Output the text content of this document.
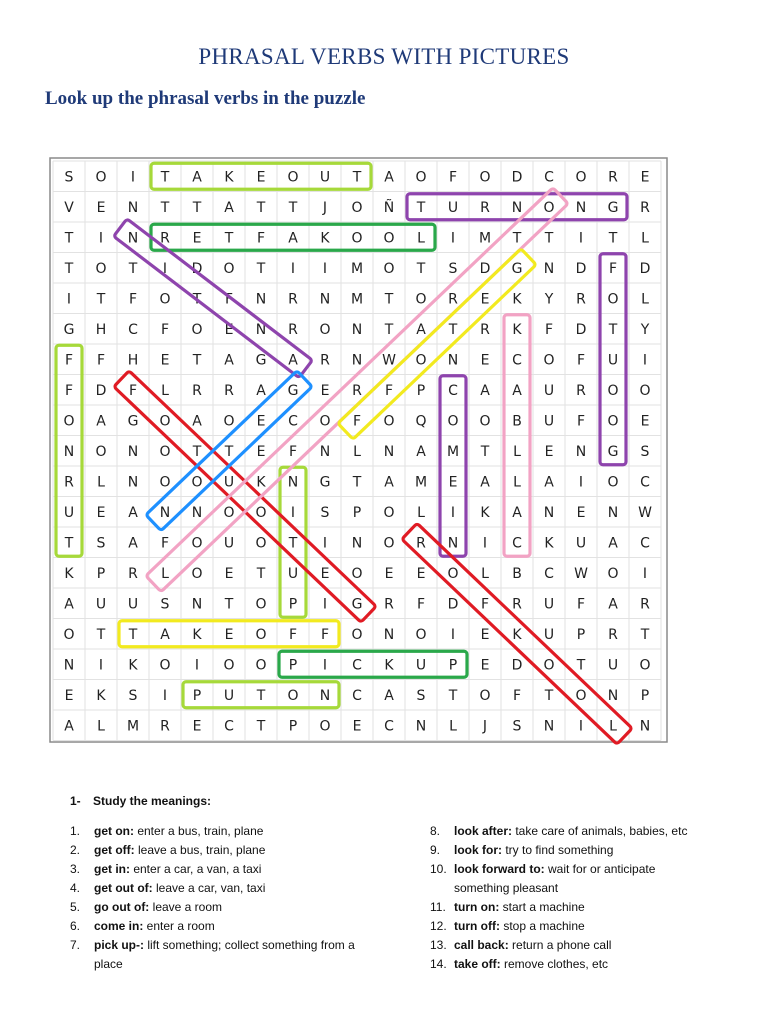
PHRASAL VERBS WITH PICTURES
Look up the phrasal verbs in the puzzle
S O I T A K E O U T A O F O D C O R E
V E N T T A T T J O Ñ T U R N O N G R
T I N R E T F A K O O L I M T T I T L
T O T I D O T I I M O T S D G N D F D
I T F O T F N R N M T O R E K Y R O L
G H C F O E N R O N T A T R K F D T Y
F F H E T A G A R N W O N E C O F U I
F D F L R R A G E R F P C A A U R O O
O A G O A O E C O F O Q O O B U F O E
N O N O T T E F N L N A M T L E N G S
R L N O O U K N G T A M E A L A I O C
U E A N N O O I S P O L I K A N E N W
T S A F O U O T I N O R N I C K U A C
K P R L O E T U E O E E O L B C W O I
A U U S N T O P I G R F D F R U F A R
O T T A K E O F F O N O I E K U P R T
N I K O I O O P I C K U P E D O T U O
E K S I P U T O N C A S T O F T O N P
A L M R E C T P O E C N L J S N I L N
1- Study the meanings:
1.	get on: enter a bus, train, plane
2.	get off: leave a bus, train, plane
3.	get in: enter a car, a van, a taxi
4.	get out of: leave a car, van, taxi
5.	go out of: leave a room
6.	come in: enter a room
7.	pick up-: lift something; collect something from a place
8.	look after: take care of animals, babies, etc
9.	look for: try to find something
10. look forward to: wait for or anticipate something pleasant
11. turn on: start a machine
12. turn off: stop a machine
13. call back: return a phone call
14. take off: remove clothes, etc
